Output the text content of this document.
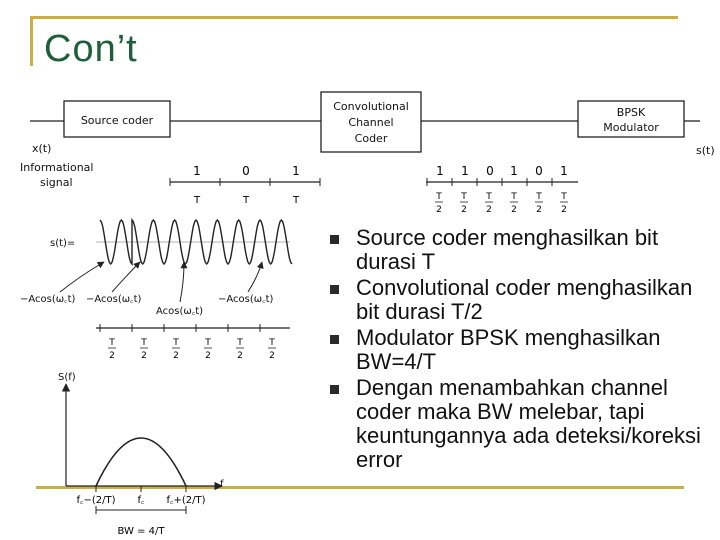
Con’t
Source coder
Convolutional
Channel
Coder
BPSK
Modulator
x(t)
Informational
signal
s(t)
1	0	1
T	T	T
1 1 0 1 0 1
T
2
T
2
T
2
T
2
T
2
T
2
s(t)=
−Acos(ω꜀t) −Acos(ω꜀t)
Acos(ω꜀t)
−Acos(ω꜀t)
T
2
T
2
T
2
T
2
T
2
T
2
S(f)
f
f꜀−(2/T) f꜀ f꜀+(2/T)
BW = 4/T
Source coder menghasilkan bit durasi T
Convolutional coder menghasilkan bit durasi T/2
Modulator BPSK menghasilkan BW=4/T
Dengan menambahkan channel coder maka BW melebar, tapi keuntungannya ada deteksi/koreksi error
